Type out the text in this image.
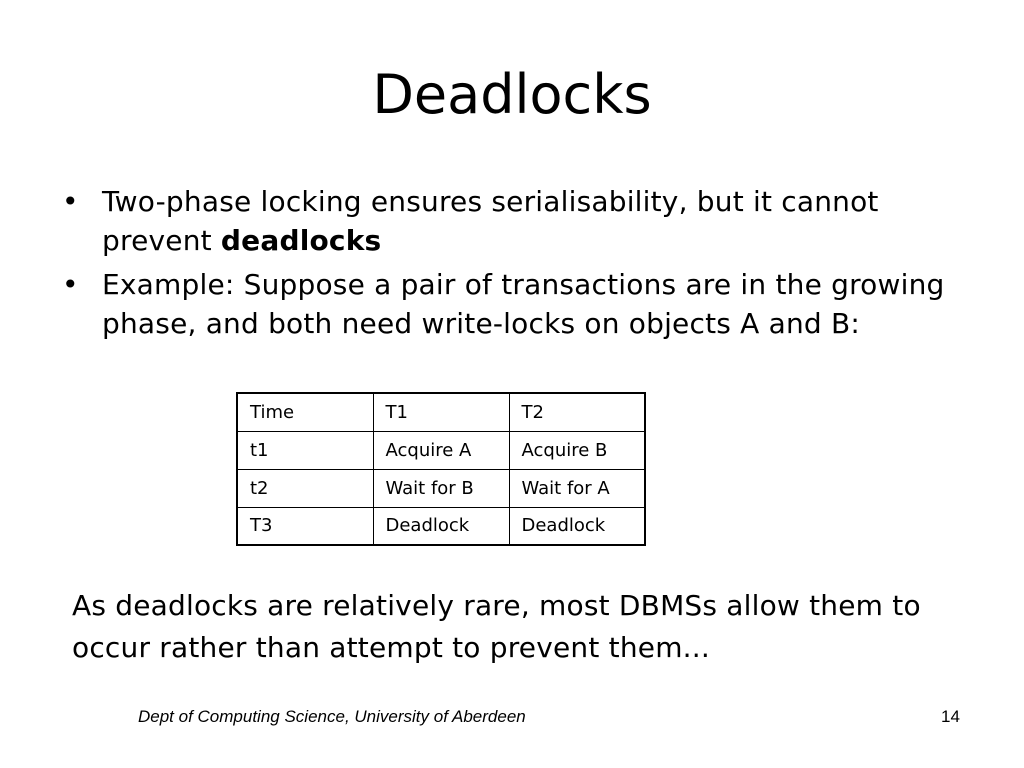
Deadlocks
• Two-phase locking ensures serialisability, but it cannot prevent deadlocks
• Example: Suppose a pair of transactions are in the growing phase, and both need write-locks on objects A and B:
Time	T1	T2
t1	Acquire A	Acquire B
t2	Wait for B	Wait for A
T3	Deadlock	Deadlock
As deadlocks are relatively rare, most DBMSs allow them to occur rather than attempt to prevent them...
Dept of Computing Science, University of Aberdeen	14
